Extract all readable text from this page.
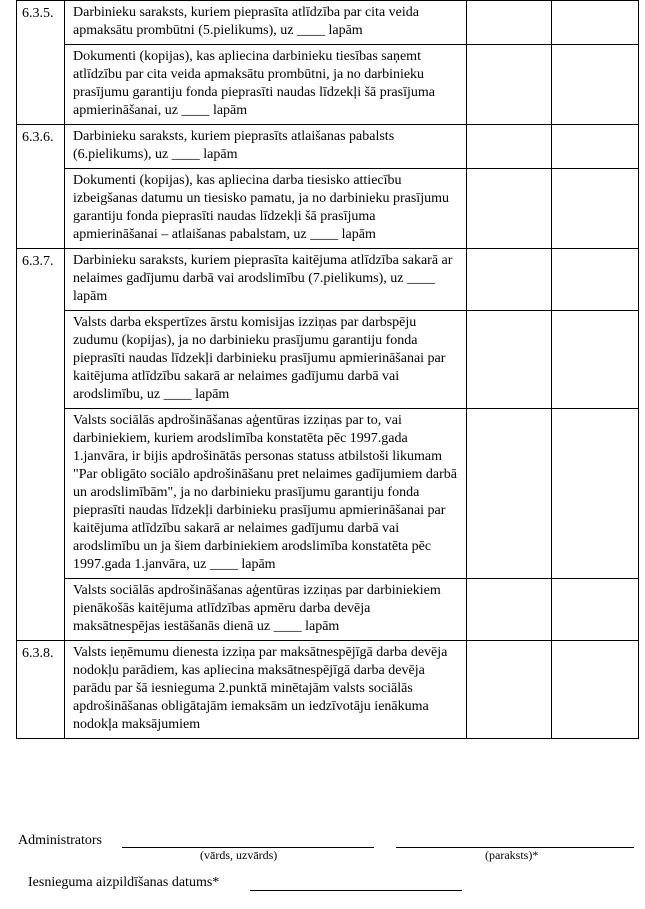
6.3.5.	Darbinieku saraksts, kuriem pieprasīta atlīdzība par cita veida apmaksātu prombūtni (5.pielikums), uz ____ lapām		
	Dokumenti (kopijas), kas apliecina darbinieku tiesības saņemt atlīdzību par cita veida apmaksātu prombūtni, ja no darbinieku prasījumu garantiju fonda pieprasīti naudas līdzekļi šā prasījuma apmierināšanai, uz ____ lapām		
6.3.6.	Darbinieku saraksts, kuriem pieprasīts atlaišanas pabalsts (6.pielikums), uz ____ lapām		
	Dokumenti (kopijas), kas apliecina darba tiesisko attiecību izbeigšanas datumu un tiesisko pamatu, ja no darbinieku prasījumu garantiju fonda pieprasīti naudas līdzekļi šā prasījuma apmierināšanai – atlaišanas pabalstam, uz ____ lapām		
6.3.7.	Darbinieku saraksts, kuriem pieprasīta kaitējuma atlīdzība sakarā ar nelaimes gadījumu darbā vai arodslimību (7.pielikums), uz ____ lapām		
	Valsts darba ekspertīzes ārstu komisijas izziņas par darbspēju zudumu (kopijas), ja no darbinieku prasījumu garantiju fonda pieprasīti naudas līdzekļi darbinieku prasījumu apmierināšanai par kaitējuma atlīdzību sakarā ar nelaimes gadījumu darbā vai arodslimību, uz ____ lapām		
	Valsts sociālās apdrošināšanas aģentūras izziņas par to, vai darbiniekiem, kuriem arodslimība konstatēta pēc 1997.gada 1.janvāra, ir bijis apdrošinātās personas statuss atbilstoši likumam "Par obligāto sociālo apdrošināšanu pret nelaimes gadījumiem darbā un arodslimībām", ja no darbinieku prasījumu garantiju fonda pieprasīti naudas līdzekļi darbinieku prasījumu apmierināšanai par kaitējuma atlīdzību sakarā ar nelaimes gadījumu darbā vai arodslimību un ja šiem darbiniekiem arodslimība konstatēta pēc 1997.gada 1.janvāra, uz ____ lapām		
	Valsts sociālās apdrošināšanas aģentūras izziņas par darbiniekiem pienākošās kaitējuma atlīdzības apmēru darba devēja maksātnespējas iestāšanās dienā uz ____ lapām		
6.3.8.	Valsts ieņēmumu dienesta izziņa par maksātnespējīgā darba devēja nodokļu parādiem, kas apliecina maksātnespējīgā darba devēja parādu par šā iesnieguma 2.punktā minētajām valsts sociālās apdrošināšanas obligātajām iemaksām un iedzīvotāju ienākuma nodokļa maksājumiem		
Administrators
(vārds, uzvārds)	(paraksts)*
Iesnieguma aizpildīšanas datums*
